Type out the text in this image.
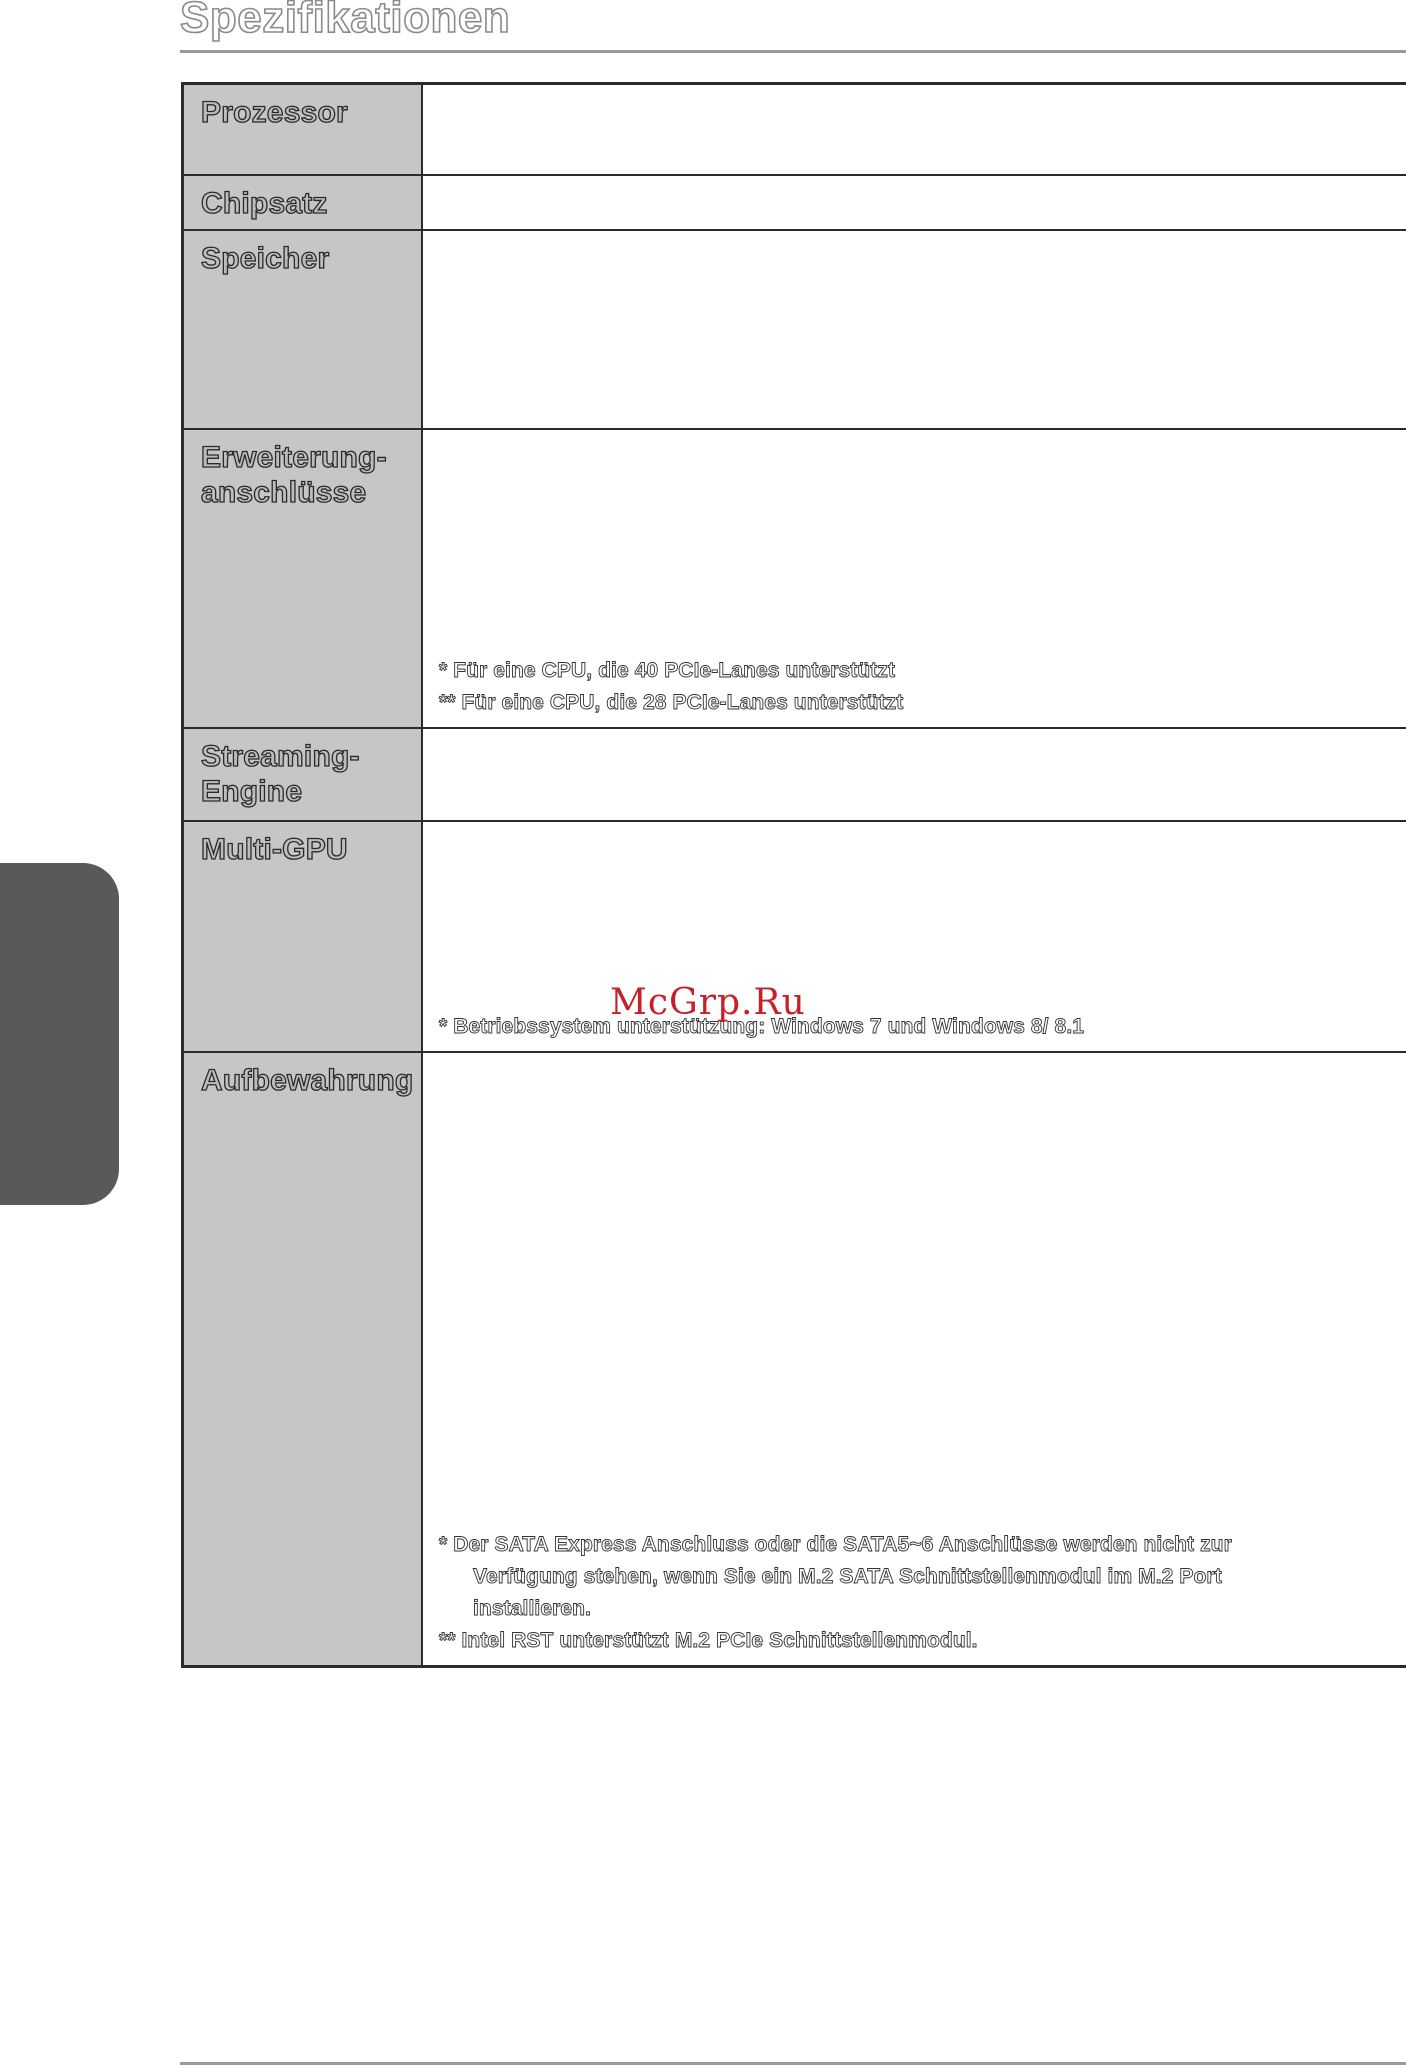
Spezifikationen
Prozessor
Chipsatz
Speicher
Erweiterung-
anschlüsse
* Für eine CPU, die 40 PCIe-Lanes unterstützt
** Für eine CPU, die 28 PCIe-Lanes unterstützt
Streaming-
Engine
Multi-GPU
* Betriebssystem unterstützung: Windows 7 und Windows 8/ 8.1
Aufbewahrung
* Der SATA Express Anschluss oder die SATA5~6 Anschlüsse werden nicht zur
Verfügung stehen, wenn Sie ein M.2 SATA Schnittstellenmodul im M.2 Port
installieren.
** Intel RST unterstützt M.2 PCIe Schnittstellenmodul.
McGrp.Ru
